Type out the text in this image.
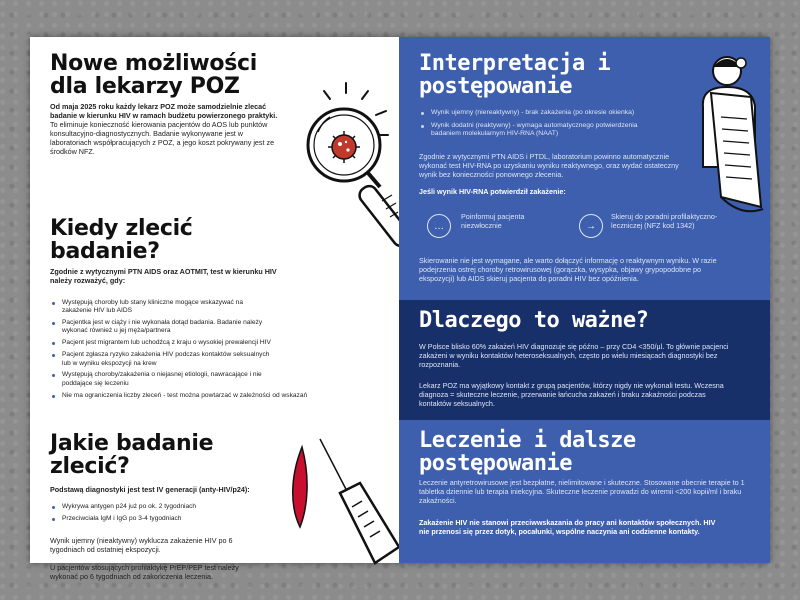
Nowe możliwości dla lekarzy POZ

Od maja 2025 roku każdy lekarz POZ może samodzielnie zlecać badanie w kierunku HIV w ramach budżetu powierzonego praktyki. To eliminuje konieczność kierowania pacjentów do AOS lub punktów konsultacyjno-diagnostycznych. Badanie wykonywane jest w laboratoriach współpracujących z POZ, a jego koszt pokrywany jest ze środków NFZ.

Kiedy zlecić badanie?

Zgodnie z wytycznymi PTN AIDS oraz AOTMIT, test w kierunku HIV należy rozważyć, gdy:

Występują choroby lub stany kliniczne mogące wskazywać na zakażenie HIV lub AIDS
Pacjentka jest w ciąży i nie wykonała dotąd badania. Badanie należy wykonać również u jej męża/partnera
Pacjent jest migrantem lub uchodźcą z kraju o wysokiej prewalencji HIV
Pacjent zgłasza ryzyko zakażenia HIV podczas kontaktów seksualnych lub w wyniku ekspozycji na krew
Występują choroby/zakażenia o niejasnej etiologii, nawracające i nie poddające się leczeniu
Nie ma ograniczenia liczby zleceń - test można powtarzać w zależności od wskazań
Jakie badanie zlecić?

Podstawą diagnostyki jest test IV generacji (anty-HIV/p24):

Wykrywa antygen p24 już po ok. 2 tygodniach
Przeciwciała IgM i IgG po 3-4 tygodniach

Wynik ujemny (nieaktywny) wyklucza zakażenie HIV po 6 tygodniach od ostatniej ekspozycji.

U pacjentów stosujących profilaktykę PrEP/PEP test należy wykonać po 6 tygodniach od zakończenia leczenia.

Interpretacja i postępowanie
Wynik ujemny (niereaktywny) - brak zakażenia (po okresie okienka)
Wynik dodatni (reaktywny) - wymaga automatycznego potwierdzenia badaniem molekularnym HIV-RNA (NAAT)

Zgodnie z wytycznymi PTN AIDS i PTDL, laboratorium powinno automatycznie wykonać test HIV-RNA po uzyskaniu wyniku reaktywnego, oraz wydać ostateczny wynik bez konieczności ponownego zlecenia.

Jeśli wynik HIV-RNA potwierdził zakażenie:

…

Poinformuj pacjenta niezwłocznie	→

Skieruj do poradni profilaktyczno-leczniczej (NFZ kod 1342)

Skierowanie nie jest wymagane, ale warto dołączyć informację o reaktywnym wyniku. W razie podejrzenia ostrej choroby retrowirusowej (gorączka, wysypka, objawy grypopodobne po ekspozycji) lub AIDS skieruj pacjenta do poradni HIV bez opóźnienia.

Dlaczego to ważne?

W Polsce blisko 60% zakażeń HIV diagnozuje się późno – przy CD4 <350/µl. To głównie pacjenci zakażeni w wyniku kontaktów heteroseksualnych, często po wielu miesiącach diagnostyki bez rozpoznania.

Lekarz POZ ma wyjątkowy kontakt z grupą pacjentów, którzy nigdy nie wykonali testu. Wczesna diagnoza = skuteczne leczenie, przerwanie łańcucha zakażeń i braku zakaźności podczas kontaktów seksualnych.

Leczenie i dalsze postępowanie

Leczenie antyretrowirusowe jest bezpłatne, nielimitowane i skuteczne. Stosowane obecnie terapie to 1 tabletka dziennie lub terapia iniekcyjna. Skuteczne leczenie prowadzi do wiremii <200 kopii/ml i braku zakaźności.

Zakażenie HIV nie stanowi przeciwwskazania do pracy ani kontaktów społecznych. HIV nie przenosi się przez dotyk, pocałunki, wspólne naczynia ani codzienne kontakty.
